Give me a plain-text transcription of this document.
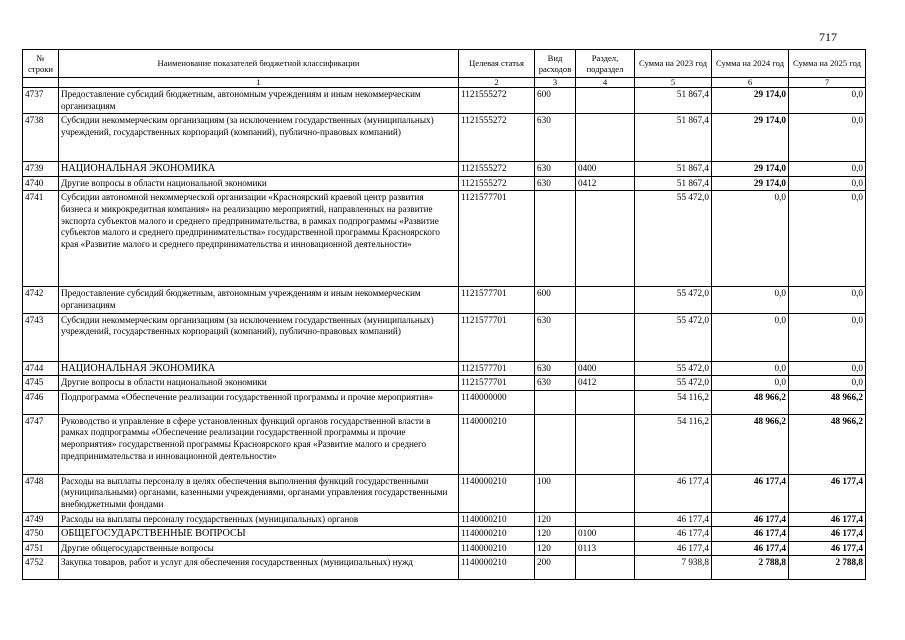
717
№ строки	Наименование показателей бюджетной классификации	Целевая статья	Вид расходов	Раздел, подраздел	Сумма на 2023 год	Сумма на 2024 год	Сумма на 2025 год
	1	2	3	4	5	6	7
4737	Предоставление субсидий бюджетным, автономным учреждениям и иным некоммерческим организациям	1121555272	600		51 867,4	29 174,0	0,0
4738	Субсидии некоммерческим организациям (за исключением государственных (муниципальных) учреждений, государственных корпораций (компаний), публично-правовых компаний)	1121555272	630		51 867,4	29 174,0	0,0
4739	НАЦИОНАЛЬНАЯ ЭКОНОМИКА	1121555272	630	0400	51 867,4	29 174,0	0,0
4740	Другие вопросы в области национальной экономики	1121555272	630	0412	51 867,4	29 174,0	0,0
4741	Субсидии автономной некоммерческой организации «Красноярский краевой центр развития бизнеса и микрокредитная компания» на реализацию мероприятий, направленных на развитие экспорта субъектов малого и среднего предпринимательства, в рамках подпрограммы «Развитие субъектов малого и среднего предпринимательства» государственной программы Красноярского края «Развитие малого и среднего предпринимательства и инновационной деятельности»	1121577701			55 472,0	0,0	0,0
4742	Предоставление субсидий бюджетным, автономным учреждениям и иным некоммерческим организациям	1121577701	600		55 472,0	0,0	0,0
4743	Субсидии некоммерческим организациям (за исключением государственных (муниципальных) учреждений, государственных корпораций (компаний), публично-правовых компаний)	1121577701	630		55 472,0	0,0	0,0
4744	НАЦИОНАЛЬНАЯ ЭКОНОМИКА	1121577701	630	0400	55 472,0	0,0	0,0
4745	Другие вопросы в области национальной экономики	1121577701	630	0412	55 472,0	0,0	0,0
4746	Подпрограмма «Обеспечение реализации государственной программы и прочие мероприятия»	1140000000			54 116,2	48 966,2	48 966,2
4747	Руководство и управление в сфере установленных функций органов государственной власти в рамках подпрограммы «Обеспечение реализации государственной программы и прочие мероприятия» государственной программы Красноярского края «Развитие малого и среднего предпринимательства и инновационной деятельности»	1140000210			54 116,2	48 966,2	48 966,2
4748	Расходы на выплаты персоналу в целях обеспечения выполнения функций государственными (муниципальными) органами, казенными учреждениями, органами управления государственными внебюджетными фондами	1140000210	100		46 177,4	46 177,4	46 177,4
4749	Расходы на выплаты персоналу государственных (муниципальных) органов	1140000210	120		46 177,4	46 177,4	46 177,4
4750	ОБЩЕГОСУДАРСТВЕННЫЕ ВОПРОСЫ	1140000210	120	0100	46 177,4	46 177,4	46 177,4
4751	Другие общегосударственные вопросы	1140000210	120	0113	46 177,4	46 177,4	46 177,4
4752	Закупка товаров, работ и услуг для обеспечения государственных (муниципальных) нужд	1140000210	200		7 938,8	2 788,8	2 788,8
